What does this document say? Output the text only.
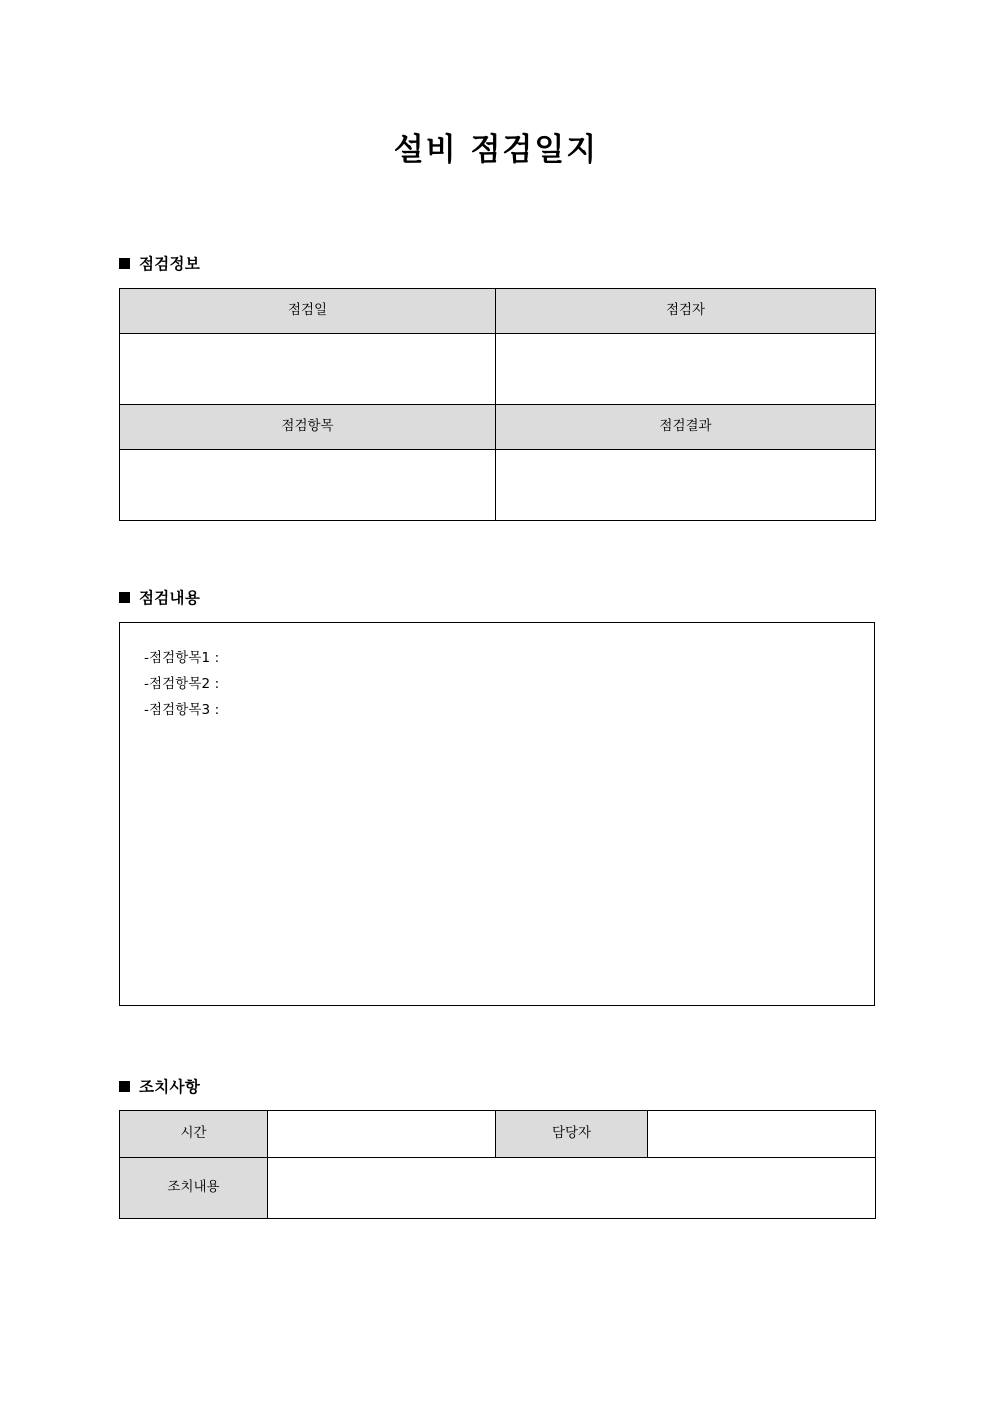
설비 점검일지
점검정보
점검일	점검자

점검항목	점검결과

점검내용
-점검항목1 :
-점검항목2 :
-점검항목3 :
조치사항
시간		담당자	
조치내용			
